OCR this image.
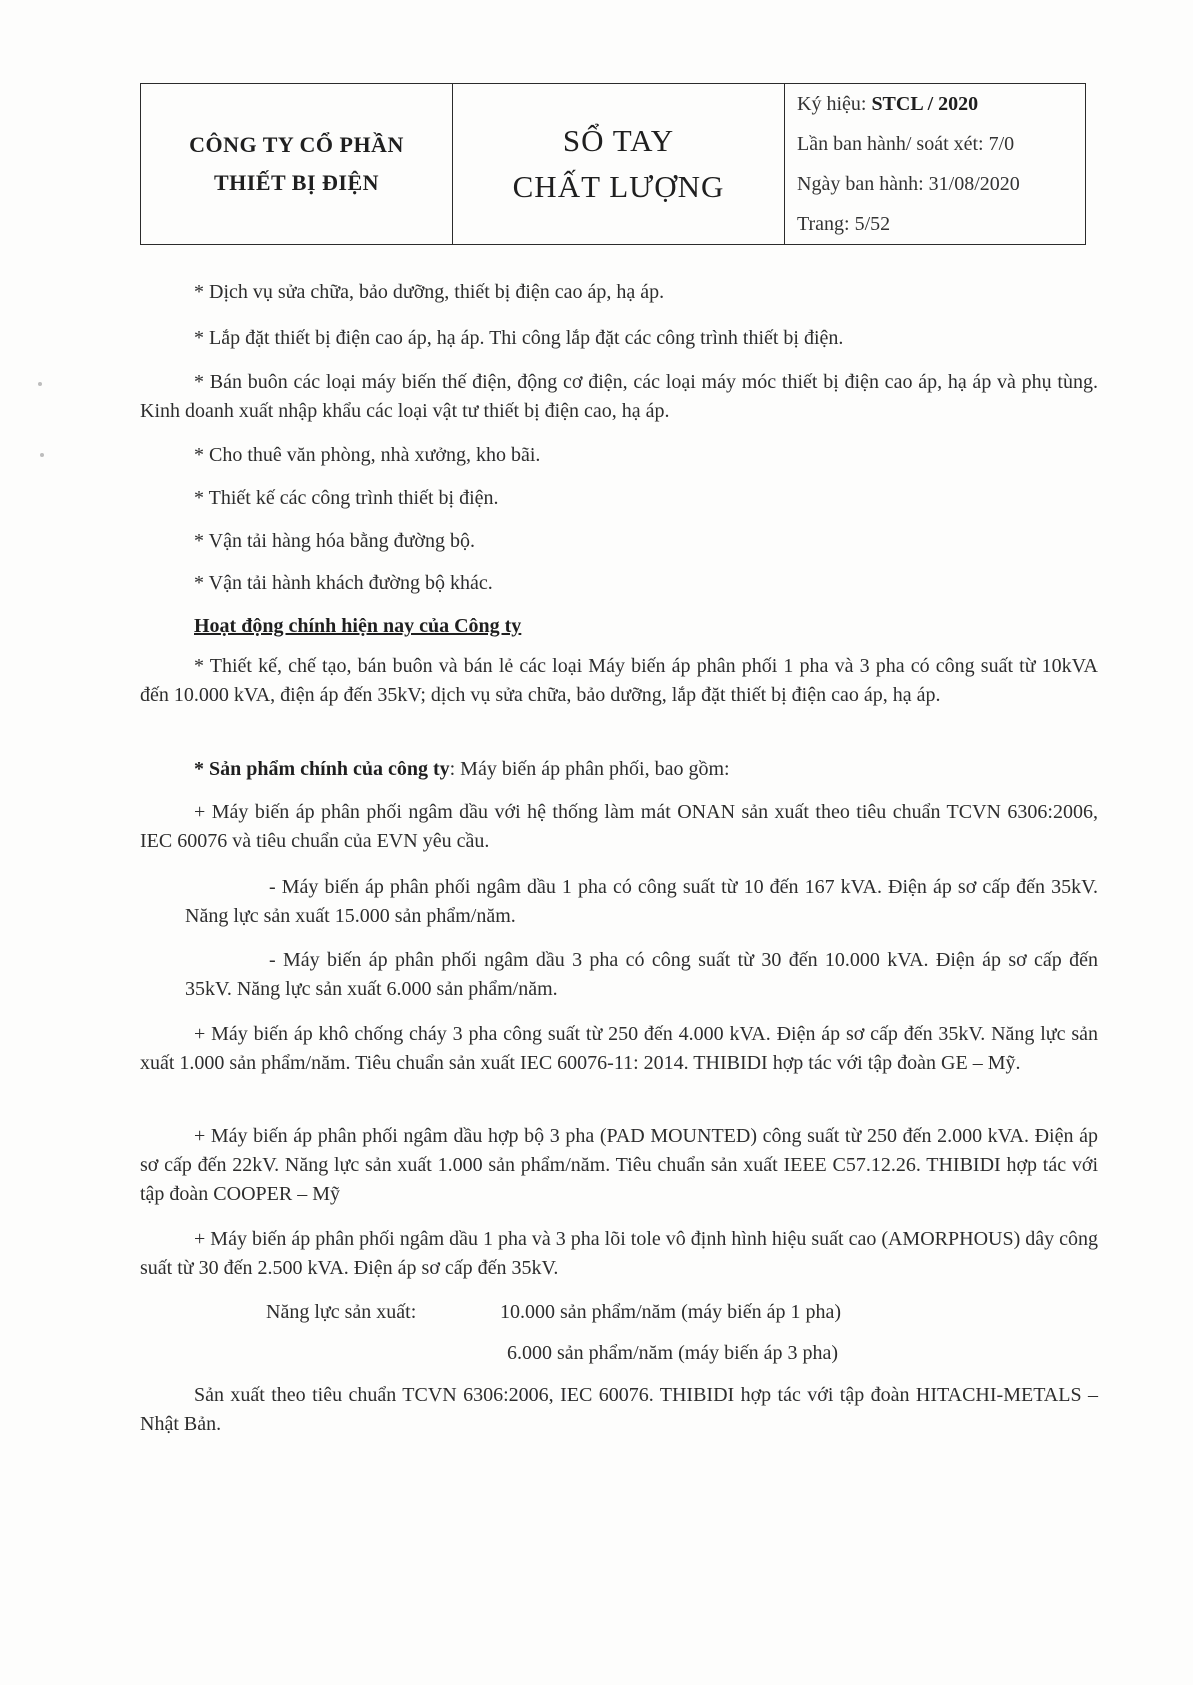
CÔNG TY CỔ PHẦN
THIẾT BỊ ĐIỆN
SỔ TAY
CHẤT LƯỢNG
Ký hiệu: STCL / 2020
Lần ban hành/ soát xét: 7/0
Ngày ban hành: 31/08/2020
Trang: 5/52
* Dịch vụ sửa chữa, bảo dưỡng, thiết bị điện cao áp, hạ áp.
* Lắp đặt thiết bị điện cao áp, hạ áp. Thi công lắp đặt các công trình thiết bị điện.
* Bán buôn các loại máy biến thế điện, động cơ điện, các loại máy móc thiết bị điện cao áp, hạ áp và phụ tùng. Kinh doanh xuất nhập khẩu các loại vật tư thiết bị điện cao, hạ áp.
* Cho thuê văn phòng, nhà xưởng, kho bãi.
* Thiết kế các công trình thiết bị điện.
* Vận tải hàng hóa bằng đường bộ.
* Vận tải hành khách đường bộ khác.
Hoạt động chính hiện nay của Công ty
* Thiết kế, chế tạo, bán buôn và bán lẻ các loại Máy biến áp phân phối 1 pha và 3 pha có công suất từ 10kVA đến 10.000 kVA, điện áp đến 35kV; dịch vụ sửa chữa, bảo dưỡng, lắp đặt thiết bị điện cao áp, hạ áp.
* Sản phẩm chính của công ty: Máy biến áp phân phối, bao gồm:
+ Máy biến áp phân phối ngâm dầu với hệ thống làm mát ONAN sản xuất theo tiêu chuẩn TCVN 6306:2006, IEC 60076 và tiêu chuẩn của EVN yêu cầu.
- Máy biến áp phân phối ngâm dầu 1 pha có công suất từ 10 đến 167 kVA. Điện áp sơ cấp đến 35kV. Năng lực sản xuất 15.000 sản phẩm/năm.
- Máy biến áp phân phối ngâm dầu 3 pha có công suất từ 30 đến 10.000 kVA. Điện áp sơ cấp đến 35kV. Năng lực sản xuất 6.000 sản phẩm/năm.
+ Máy biến áp khô chống cháy 3 pha công suất từ 250 đến 4.000 kVA. Điện áp sơ cấp đến 35kV. Năng lực sản xuất 1.000 sản phẩm/năm. Tiêu chuẩn sản xuất IEC 60076-11: 2014. THIBIDI hợp tác với tập đoàn GE – Mỹ.
+ Máy biến áp phân phối ngâm dầu hợp bộ 3 pha (PAD MOUNTED) công suất từ 250 đến 2.000 kVA. Điện áp sơ cấp đến 22kV. Năng lực sản xuất 1.000 sản phẩm/năm. Tiêu chuẩn sản xuất IEEE C57.12.26. THIBIDI hợp tác với tập đoàn COOPER – Mỹ
+ Máy biến áp phân phối ngâm dầu 1 pha và 3 pha lõi tole vô định hình hiệu suất cao (AMORPHOUS) dây công suất từ 30 đến 2.500 kVA. Điện áp sơ cấp đến 35kV.
Năng lực sản xuất:	10.000 sản phẩm/năm (máy biến áp 1 pha)
6.000 sản phẩm/năm (máy biến áp 3 pha)
Sản xuất theo tiêu chuẩn TCVN 6306:2006, IEC 60076. THIBIDI hợp tác với tập đoàn HITACHI-METALS – Nhật Bản.
